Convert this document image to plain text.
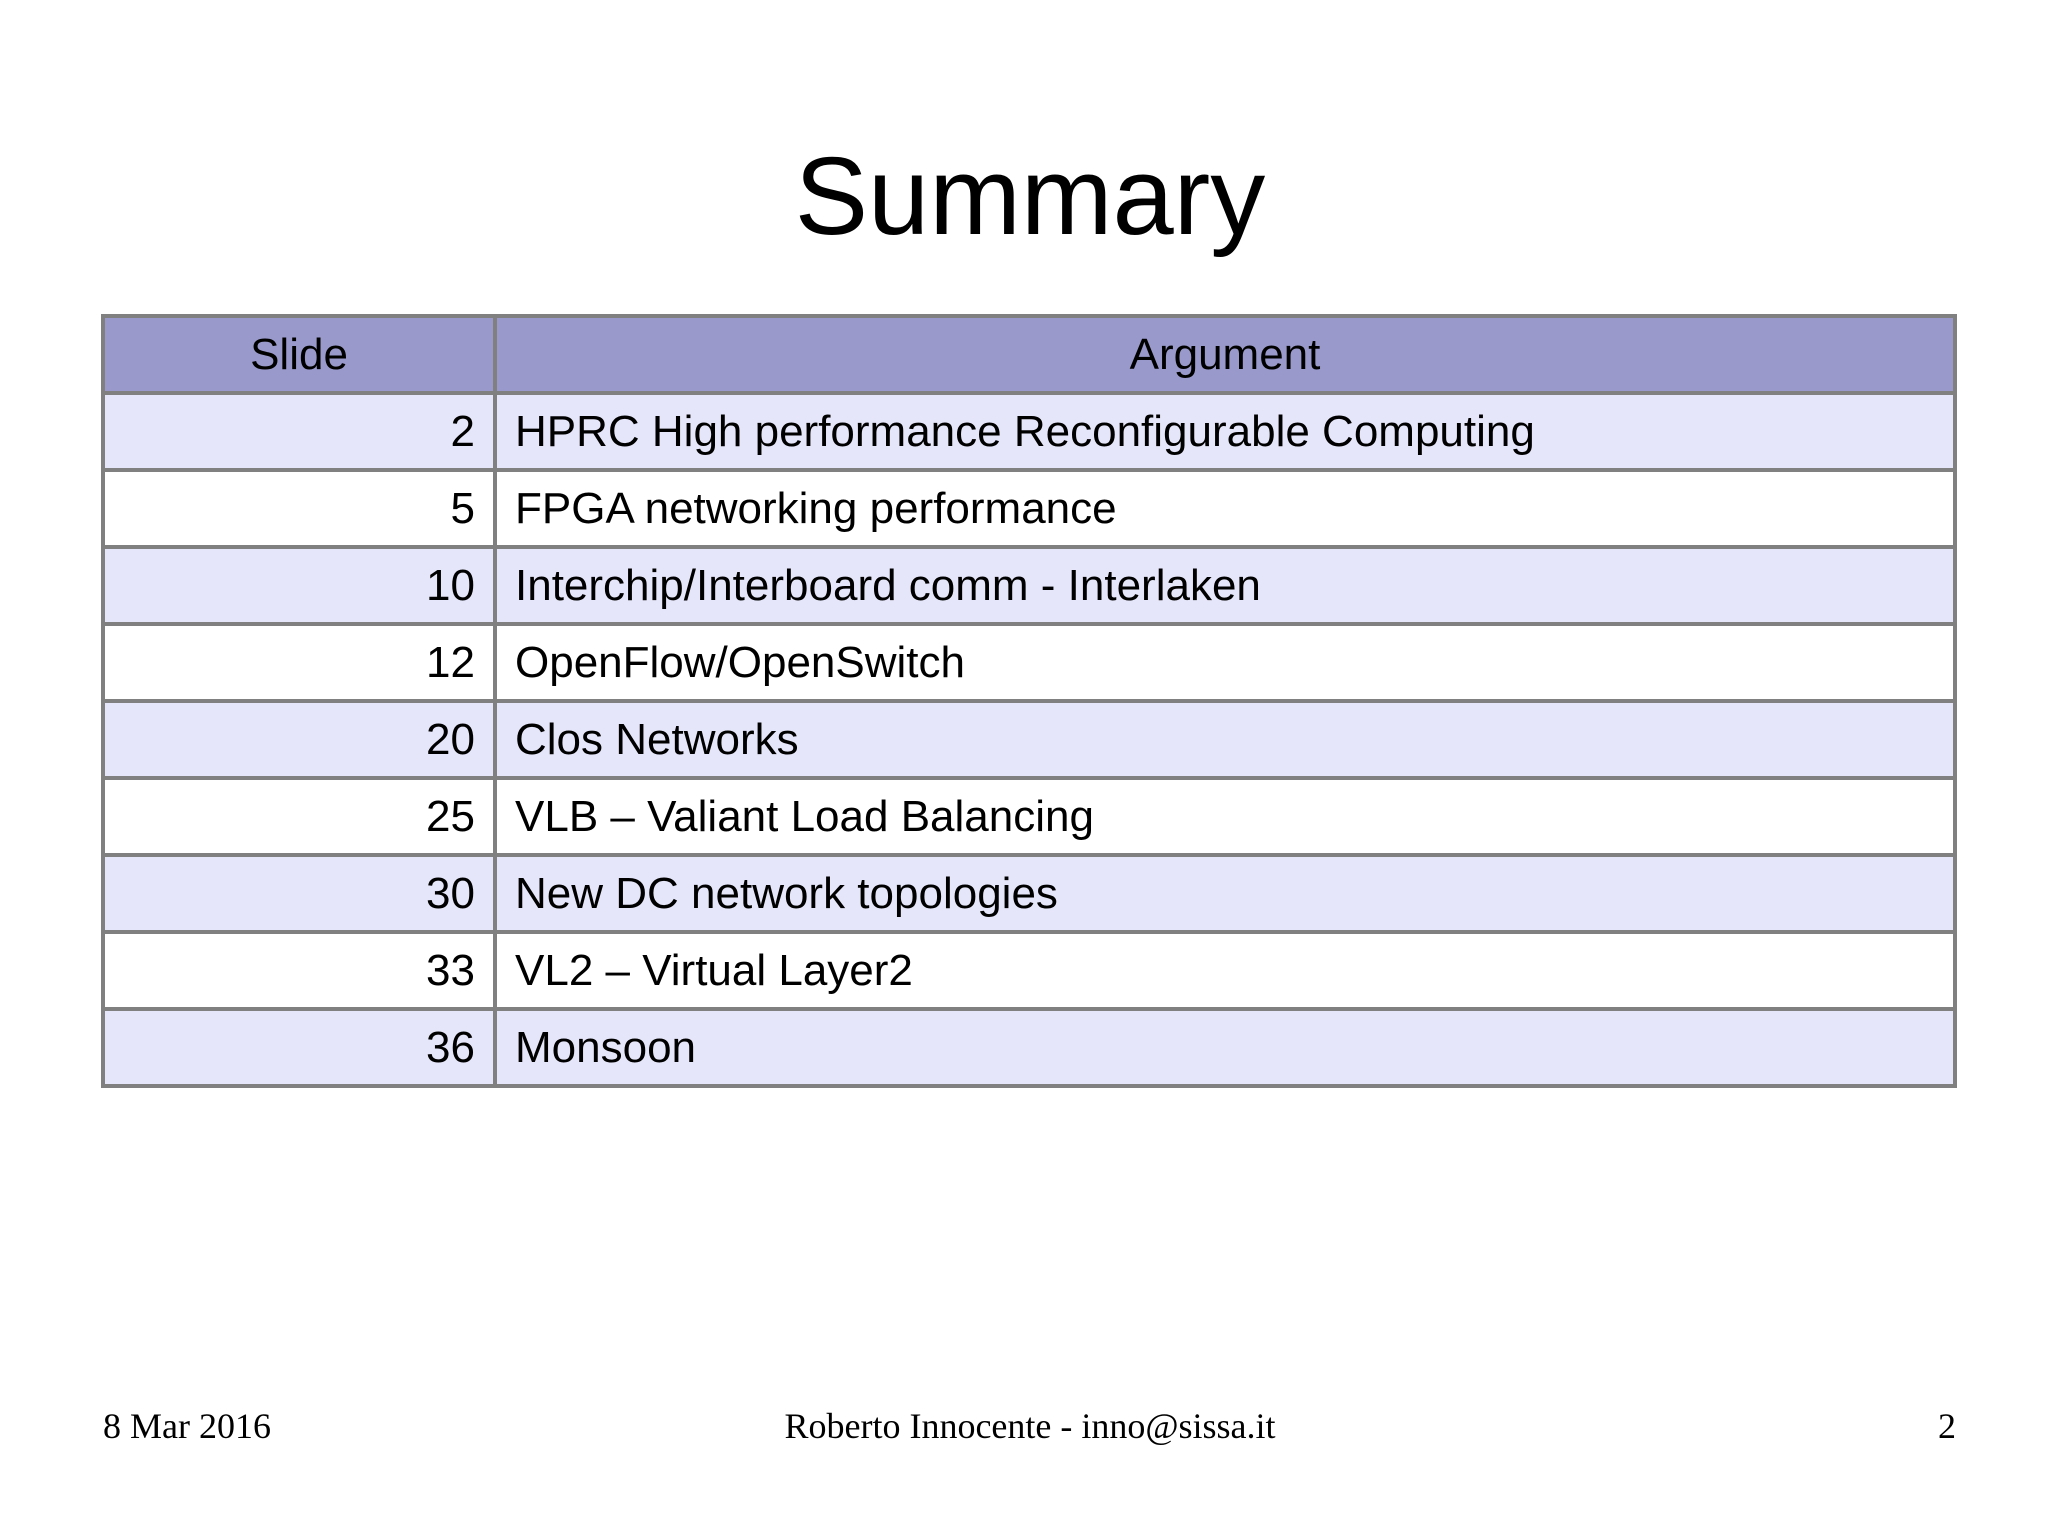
Summary
Slide	Argument
2	HPRC High performance Reconfigurable Computing
5	FPGA networking performance
10	Interchip/Interboard comm - Interlaken
12	OpenFlow/OpenSwitch
20	Clos Networks
25	VLB – Valiant Load Balancing
30	New DC network topologies
33	VL2 – Virtual Layer2
36	Monsoon
8 Mar 2016	Roberto Innocente - inno@sissa.it	2
